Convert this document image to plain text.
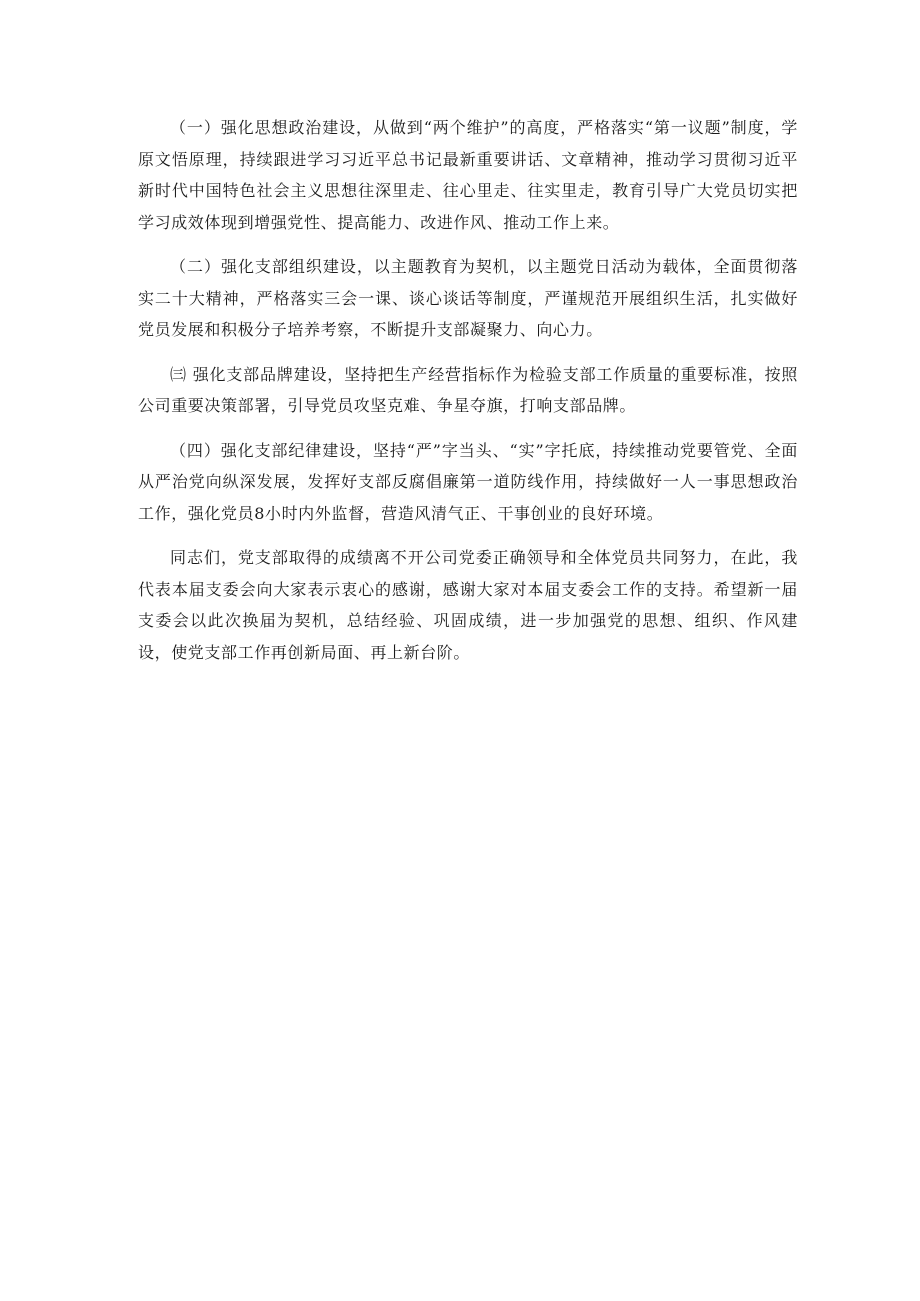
（一）强化思想政治建设，从做到“两个维护”的高度，严格落实“第一议题”制度，学原文悟原理，持续跟进学习习近平总书记最新重要讲话、文章精神，推动学习贯彻习近平新时代中国特色社会主义思想往深里走、往心里走、往实里走，教育引导广大党员切实把学习成效体现到增强党性、提高能力、改进作风、推动工作上来。

（二）强化支部组织建设，以主题教育为契机，以主题党日活动为载体，全面贯彻落实二十大精神，严格落实三会一课、谈心谈话等制度，严谨规范开展组织生活，扎实做好党员发展和积极分子培养考察，不断提升支部凝聚力、向心力。

㈢ 强化支部品牌建设，坚持把生产经营指标作为检验支部工作质量的重要标准，按照公司重要决策部署，引导党员攻坚克难、争星夺旗，打响支部品牌。

（四）强化支部纪律建设，坚持“严”字当头、“实”字托底，持续推动党要管党、全面从严治党向纵深发展，发挥好支部反腐倡廉第一道防线作用，持续做好一人一事思想政治工作，强化党员8小时内外监督，营造风清气正、干事创业的良好环境。

同志们，党支部取得的成绩离不开公司党委正确领导和全体党员共同努力，在此，我代表本届支委会向大家表示衷心的感谢，感谢大家对本届支委会工作的支持。希望新一届支委会以此次换届为契机，总结经验、巩固成绩，进一步加强党的思想、组织、作风建设，使党支部工作再创新局面、再上新台阶。
